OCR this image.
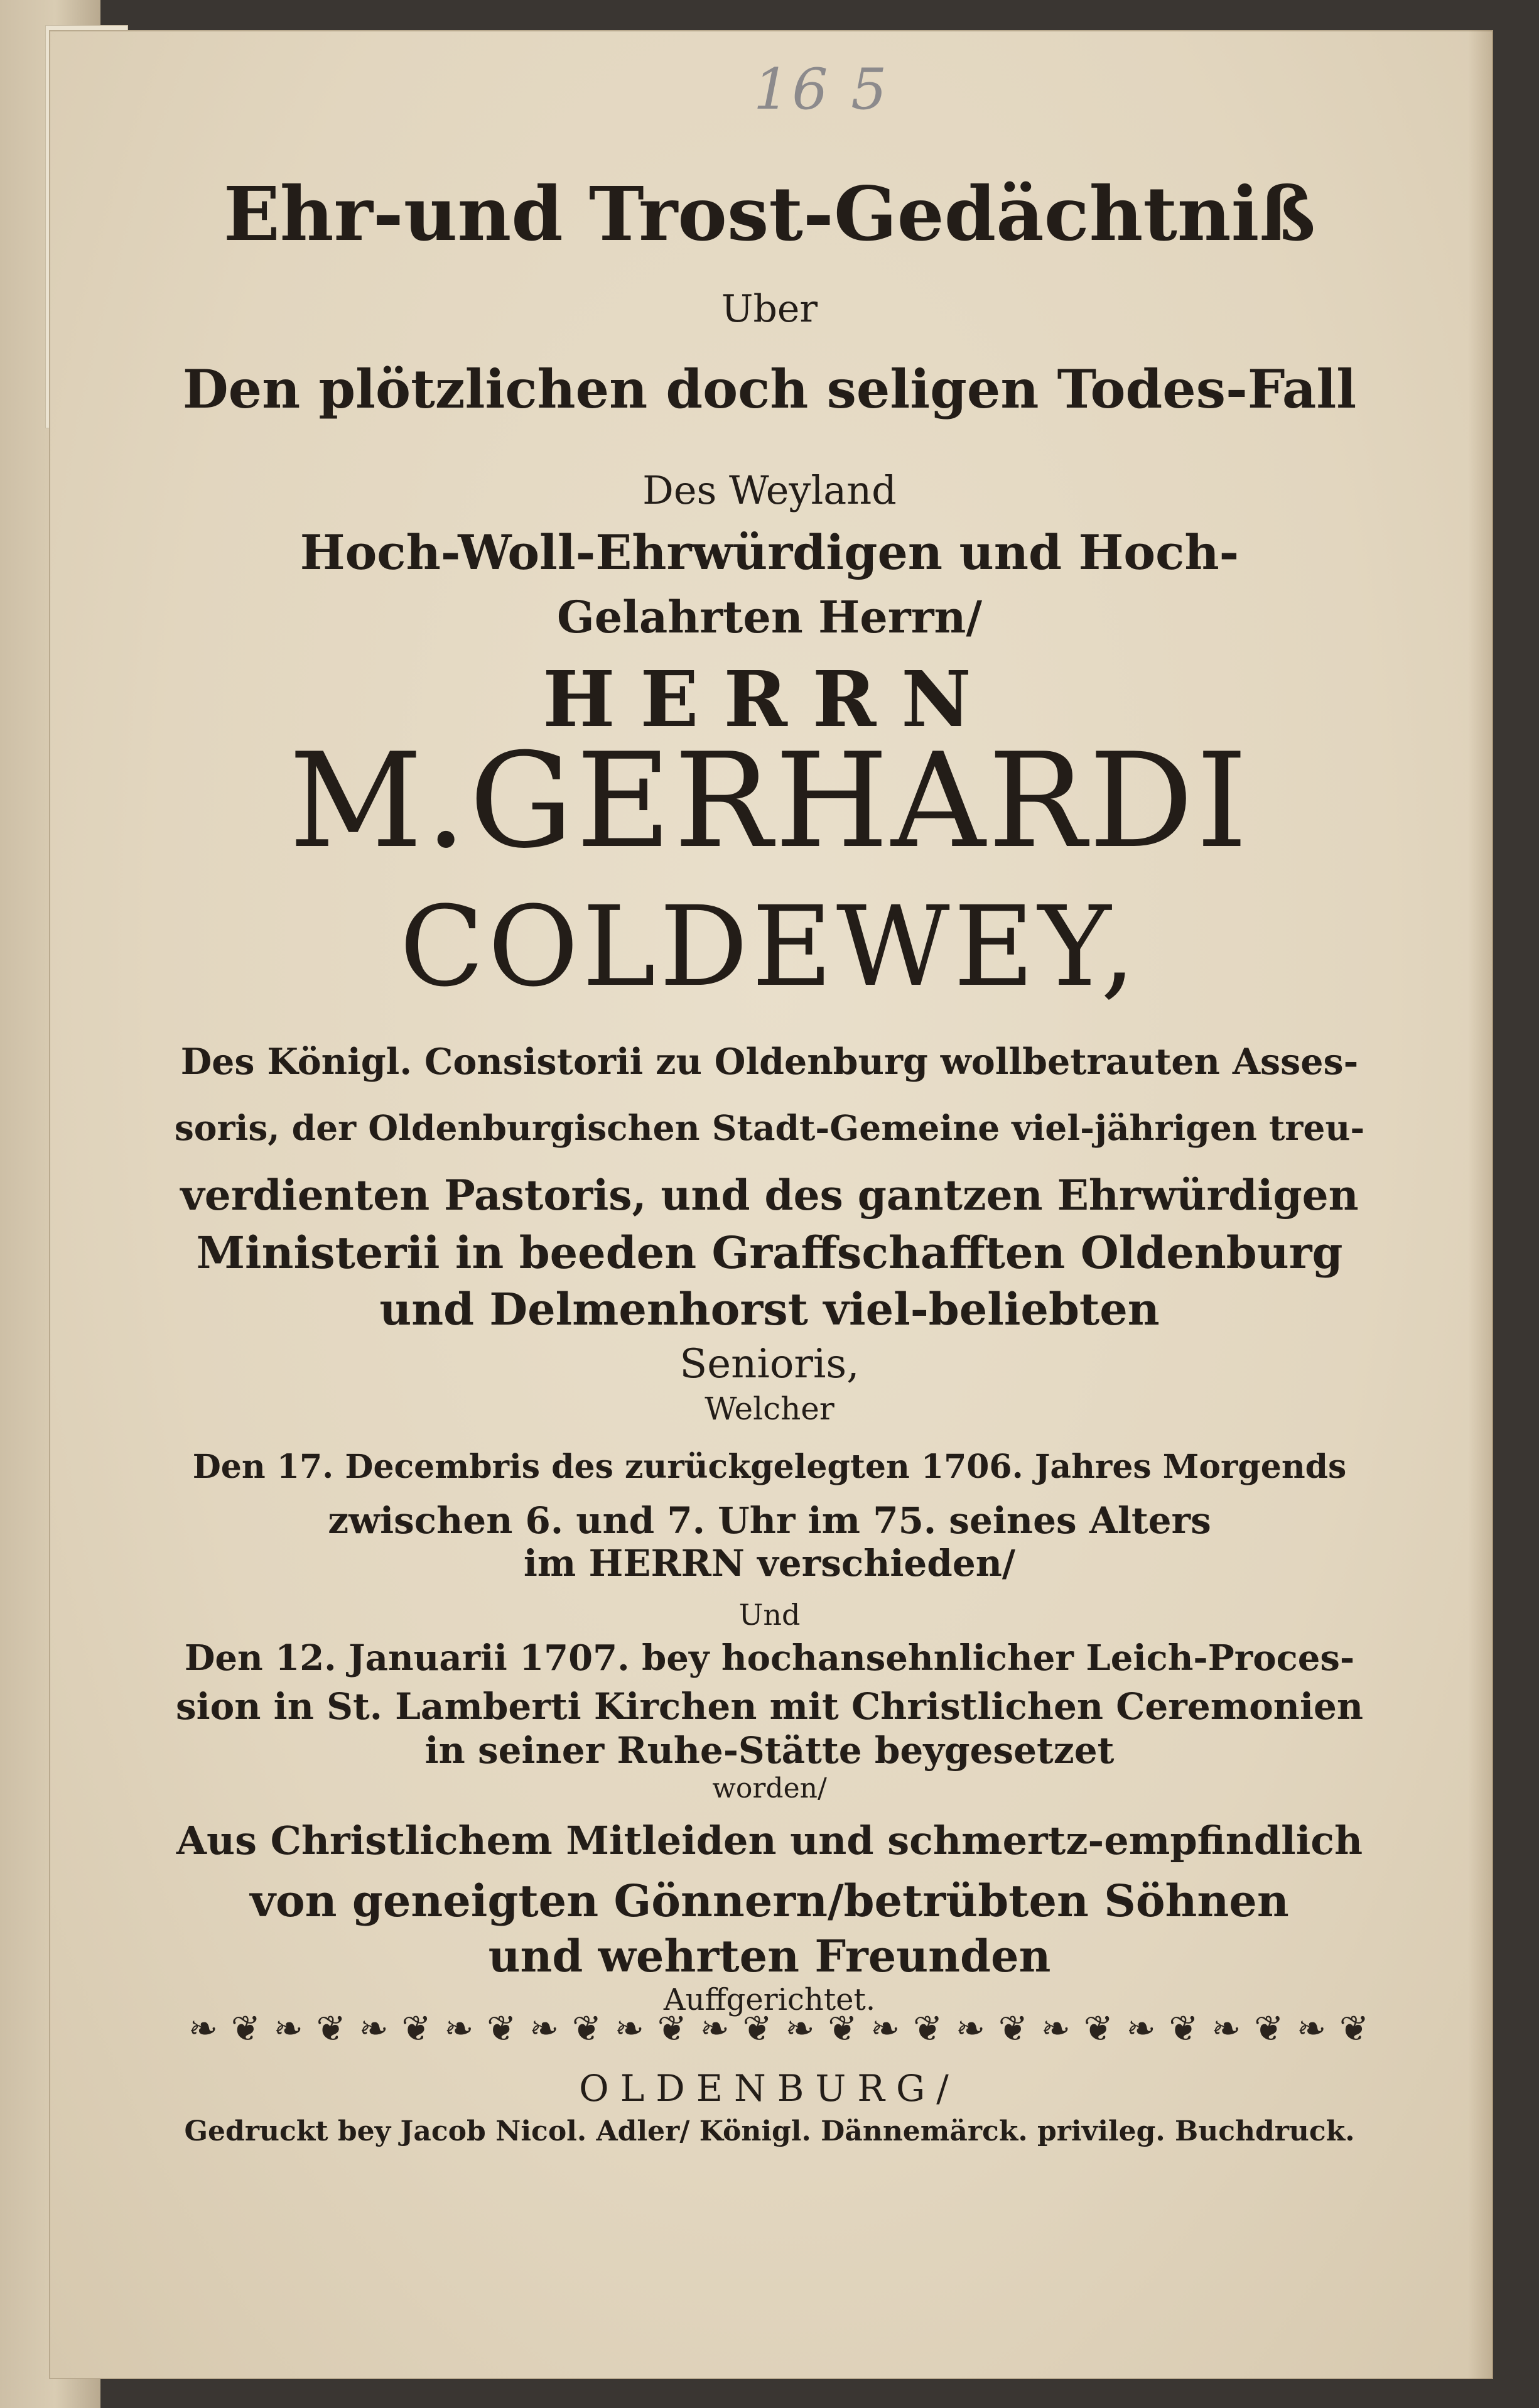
16 5
Ehr-und Trost-Gedächtniß
Uber
Den plötzlichen doch seligen Todes-Fall
Des Weyland
Hoch-Woll-Ehrwürdigen und Hoch-
Gelahrten Herrn/
HERRN
M.GERHARDI
COLDEWEY,
Des Königl. Consistorii zu Oldenburg wollbetrauten Asses-
soris, der Oldenburgischen Stadt-Gemeine viel-jährigen treu-
verdienten Pastoris, und des gantzen Ehrwürdigen
Ministerii in beeden Graffschafften Oldenburg
und Delmenhorst viel-beliebten
Senioris,
Welcher
Den 17. Decembris des zurückgelegten 1706. Jahres Morgends
zwischen 6. und 7. Uhr im 75. seines Alters
im HERRN verschieden/
Und
Den 12. Januarii 1707. bey hochansehnlicher Leich-Proces-
sion in St. Lamberti Kirchen mit Christlichen Ceremonien
in seiner Ruhe-Stätte beygesetzet
worden/
Aus Christlichem Mitleiden und schmertz-empfindlich
von geneigten Gönnern/betrübten Söhnen
und wehrten Freunden
Auffgerichtet.
❧ ❦ ❧ ❦ ❧ ❦ ❧ ❦ ❧ ❦ ❧ ❦ ❧ ❦ ❧ ❦ ❧ ❦ ❧ ❦ ❧ ❦ ❧ ❦ ❧ ❦ ❧ ❦
OLDENBURG/
Gedruckt bey Jacob Nicol. Adler/ Königl. Dännemärck. privileg. Buchdruck.
